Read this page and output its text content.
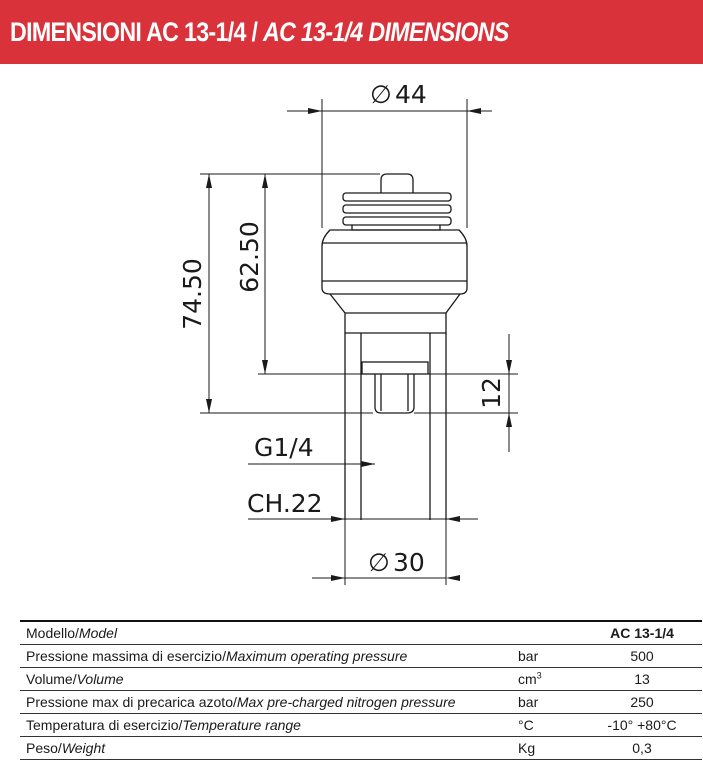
DIMENSIONI AC 13-1/4 / AC 13-1/4 DIMENSIONS
∅ 44
74.50
62.50
12
G1/4
CH.22
∅ 30
Modello/Model		AC 13-1/4
Pressione massima di esercizio/Maximum operating pressure	bar	500
Volume/Volume	$cm^3$	13
Pressione max di precarica azoto/Max pre-charged nitrogen pressure	bar	250
Temperatura di esercizio/Temperature range	°C	-10° +80°C
Peso/Weight	Kg	0,3
